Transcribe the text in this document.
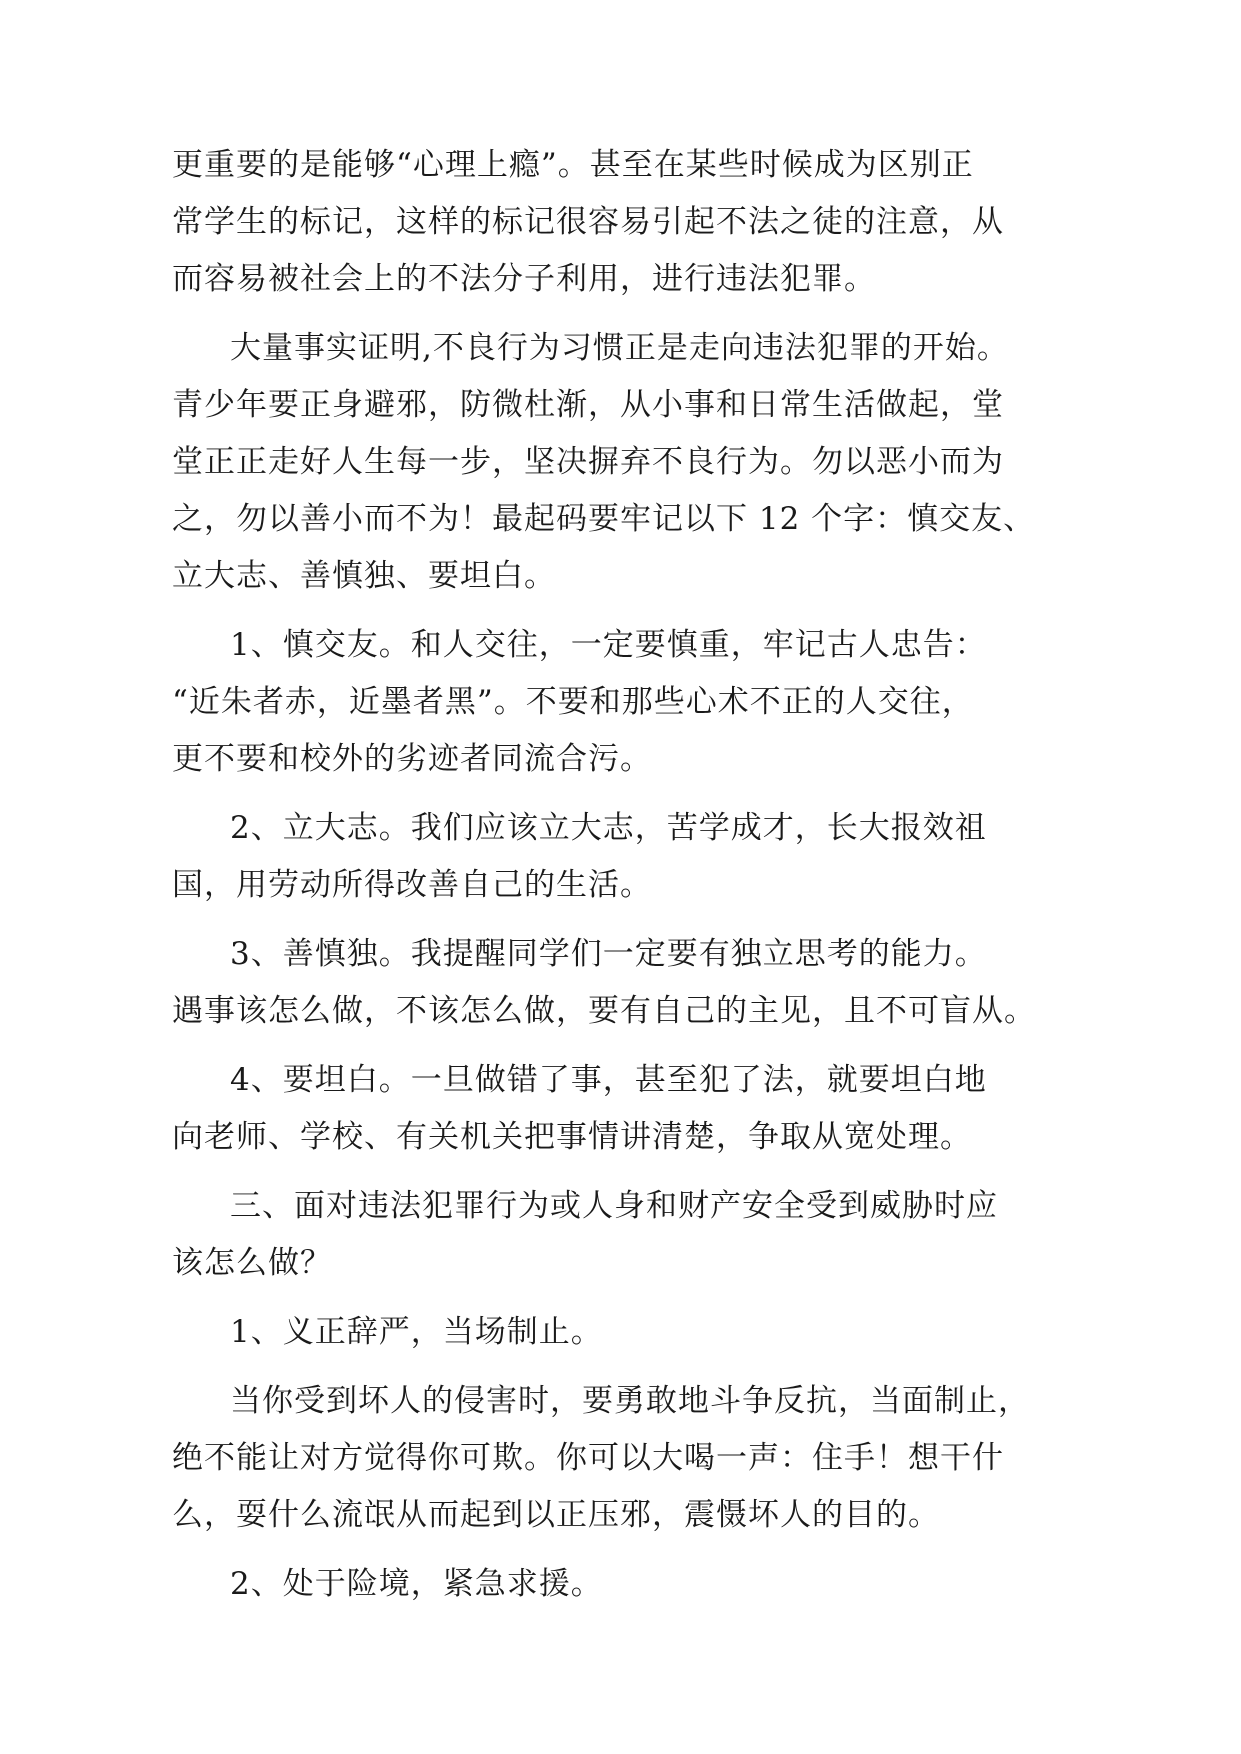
更重要的是能够“心理上瘾”。甚至在某些时候成为区别正
常学生的标记，这样的标记很容易引起不法之徒的注意，从
而容易被社会上的不法分子利用，进行违法犯罪。
大量事实证明,不良行为习惯正是走向违法犯罪的开始。
青少年要正身避邪，防微杜渐，从小事和日常生活做起，堂
堂正正走好人生每一步，坚决摒弃不良行为。勿以恶小而为
之，勿以善小而不为！最起码要牢记以下 12 个字：慎交友、
立大志、善慎独、要坦白。
1、慎交友。和人交往，一定要慎重，牢记古人忠告：
“近朱者赤，近墨者黑”。不要和那些心术不正的人交往，
更不要和校外的劣迹者同流合污。
2、立大志。我们应该立大志，苦学成才，长大报效祖
国，用劳动所得改善自己的生活。
3、善慎独。我提醒同学们一定要有独立思考的能力。
遇事该怎么做，不该怎么做，要有自己的主见，且不可盲从。
4、要坦白。一旦做错了事，甚至犯了法，就要坦白地
向老师、学校、有关机关把事情讲清楚，争取从宽处理。
三、面对违法犯罪行为或人身和财产安全受到威胁时应
该怎么做？
1、义正辞严，当场制止。
当你受到坏人的侵害时，要勇敢地斗争反抗，当面制止，
绝不能让对方觉得你可欺。你可以大喝一声：住手！想干什
么，耍什么流氓从而起到以正压邪，震慑坏人的目的。
2、处于险境，紧急求援。
